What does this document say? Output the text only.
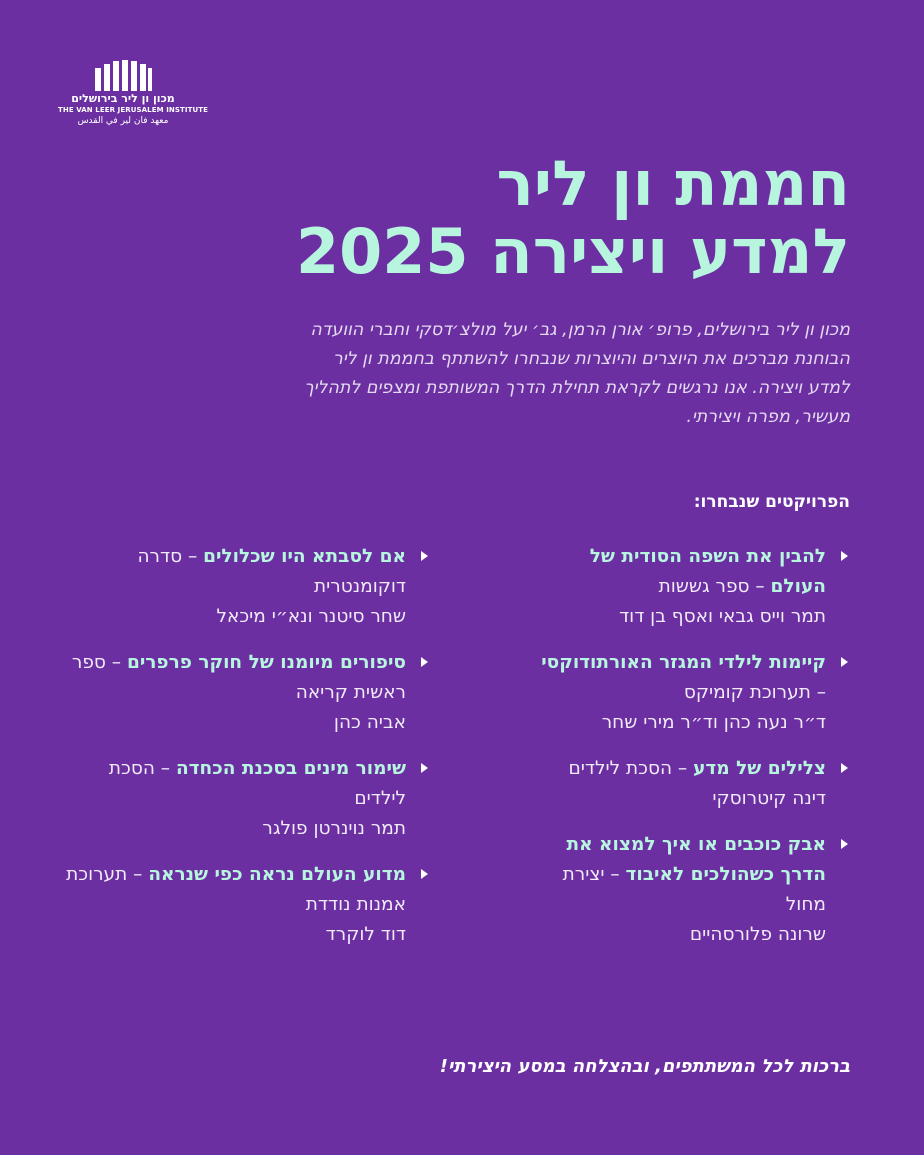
מכון ון ליר בירושלים
THE VAN LEER JERUSALEM INSTITUTE
معهد فان لير في القدس
חממת ון ליר
למדע ויצירה 2025

מכון ון ליר בירושלים, פרופ׳ אורן הרמן, גב׳ יעל מולצ׳דסקי וחברי הוועדה הבוחנת מברכים את היוצרים והיוצרות שנבחרו להשתתף בחממת ון ליר למדע ויצירה. אנו נרגשים לקראת תחילת הדרך המשותפת ומצפים לתהליך מעשיר, מפרה ויצירתי.

הפרויקטים שנבחרו:
להבין את השפה הסודית של העולם – ספר גששות
תמר וייס גבאי ואסף בן דוד
קיימות לילדי המגזר האורתודוקסי – תערוכת קומיקס
ד״ר נעה כהן וד״ר מירי שחר
צלילים של מדע – הסכת לילדים
דינה קיטרוסקי
אבק כוכבים או איך למצוא את הדרך כשהולכים לאיבוד – יצירת מחול
שרונה פלורסהיים
אם לסבתא היו שכלולים – סדרה דוקומנטרית
שחר סיטנר ונא״י מיכאל
סיפורים מיומנו של חוקר פרפרים – ספר ראשית קריאה
אביה כהן
שימור מינים בסכנת הכחדה – הסכת לילדים
תמר נוינרטן פולגר
מדוע העולם נראה כפי שנראה – תערוכת אמנות נודדת
דוד לוקרד

ברכות לכל המשתתפים, ובהצלחה במסע היצירתי!
